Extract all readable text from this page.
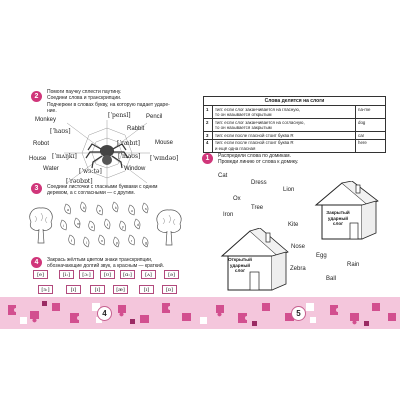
2
Помоги паучку сплести паутину.
Соедини слова и транскрипции.
Подчеркни в словах букву, на которую падает ударе-
ние.
Monkey
[ˈpensl]	Pencil
[ˈhaʊs]	Rabbit
Robot	[ˈræbɪt] Mouse
[ˈmʌŋkɪ]	[ˈmaʊs]
House	[ˈwɪndəʊ]
Water	[ˈwɔːtə]	Window
[ˈrəʊbɒt]
3	Соедини листочки с гласными буквами с одним
деревом, а с согласными — с другим.
a	b
e
k
o	s
i	m
u	t	y	d
f	l	n	p	r	g
4	Закрась жёлтым цветом знаки транскрипции,
обозначающие долгий звук, а красным — краткий.
[e]	[i:]	[ɔ:]	[ʊ]	[ɑ:]	[ʌ]	[ə]
[ɜ:]	[ɪ]	[ɪ]	[æ]	[ɪ]	[ɒ]
Слова делятся на слоги		
1	тип: если слог заканчивается на гласную,
то он называется открытым	na-me
2	тип: если слог заканчивается на согласную,
то он называется закрытым	dog
3	тип: если после гласной стоит буква R	car
4	тип: если после гласной стоит буква R
и ещё одна гласная	here
1	Распредели слова по домикам.
Проведи линию от слова к домику.
Cat
Dress
Lion
Ox
Tree
Iron
Kite
Nose
Egg
Zebra
Rain
Ball
Закрытый ударный слог
Открытый ударный слог
4	5
